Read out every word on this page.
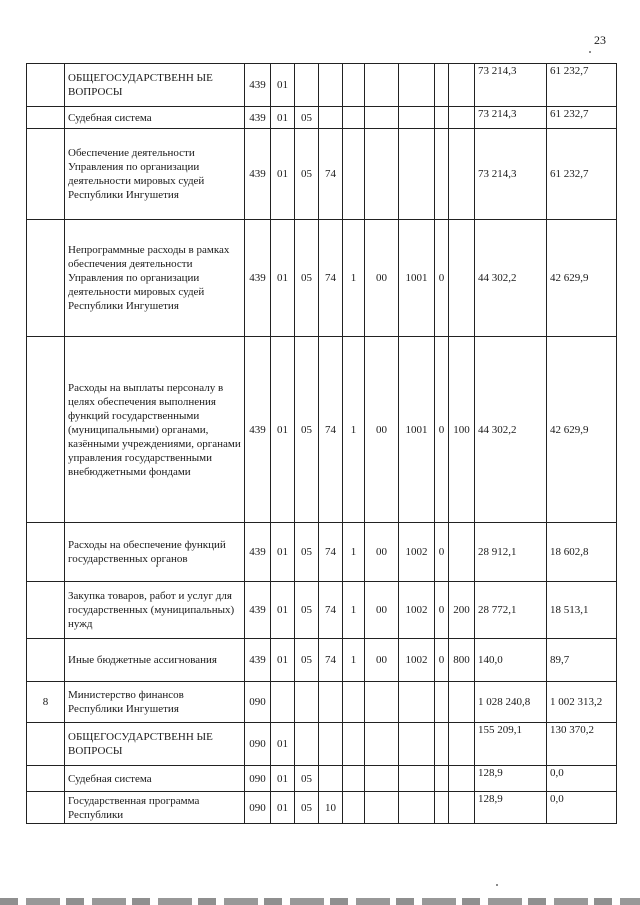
23
	ОБЩЕГОСУДАРСТВЕНН ЫЕ ВОПРОСЫ	439	01								73 214,3	61 232,7
	Судебная система	439	01	05							73 214,3	61 232,7
	Обеспечение деятельности Управления по организации деятельности мировых судей Республики Ингушетия	439	01	05	74						73 214,3	61 232,7
	Непрограммные расходы в рамках обеспечения деятельности Управления по организации деятельности мировых судей Республики Ингушетия	439	01	05	74	1	00	1001	0		44 302,2	42 629,9
	Расходы на выплаты персоналу в целях обеспечения выполнения функций государственными (муниципальными) органами, казёнными учреждениями, органами управления государственными внебюджетными фондами	439	01	05	74	1	00	1001	0	100	44 302,2	42 629,9
	Расходы на обеспечение функций государственных органов	439	01	05	74	1	00	1002	0		28 912,1	18 602,8
	Закупка товаров, работ и услуг для государственных (муниципальных) нужд	439	01	05	74	1	00	1002	0	200	28 772,1	18 513,1
	Иные бюджетные ассигнования	439	01	05	74	1	00	1002	0	800	140,0	89,7
8	Министерство финансов Республики Ингушетия	090									1 028 240,8	1 002 313,2
	ОБЩЕГОСУДАРСТВЕНН ЫЕ ВОПРОСЫ	090	01								155 209,1	130 370,2
	Судебная система	090	01	05							128,9	0,0
	Государственная программа Республики	090	01	05	10						128,9	0,0
